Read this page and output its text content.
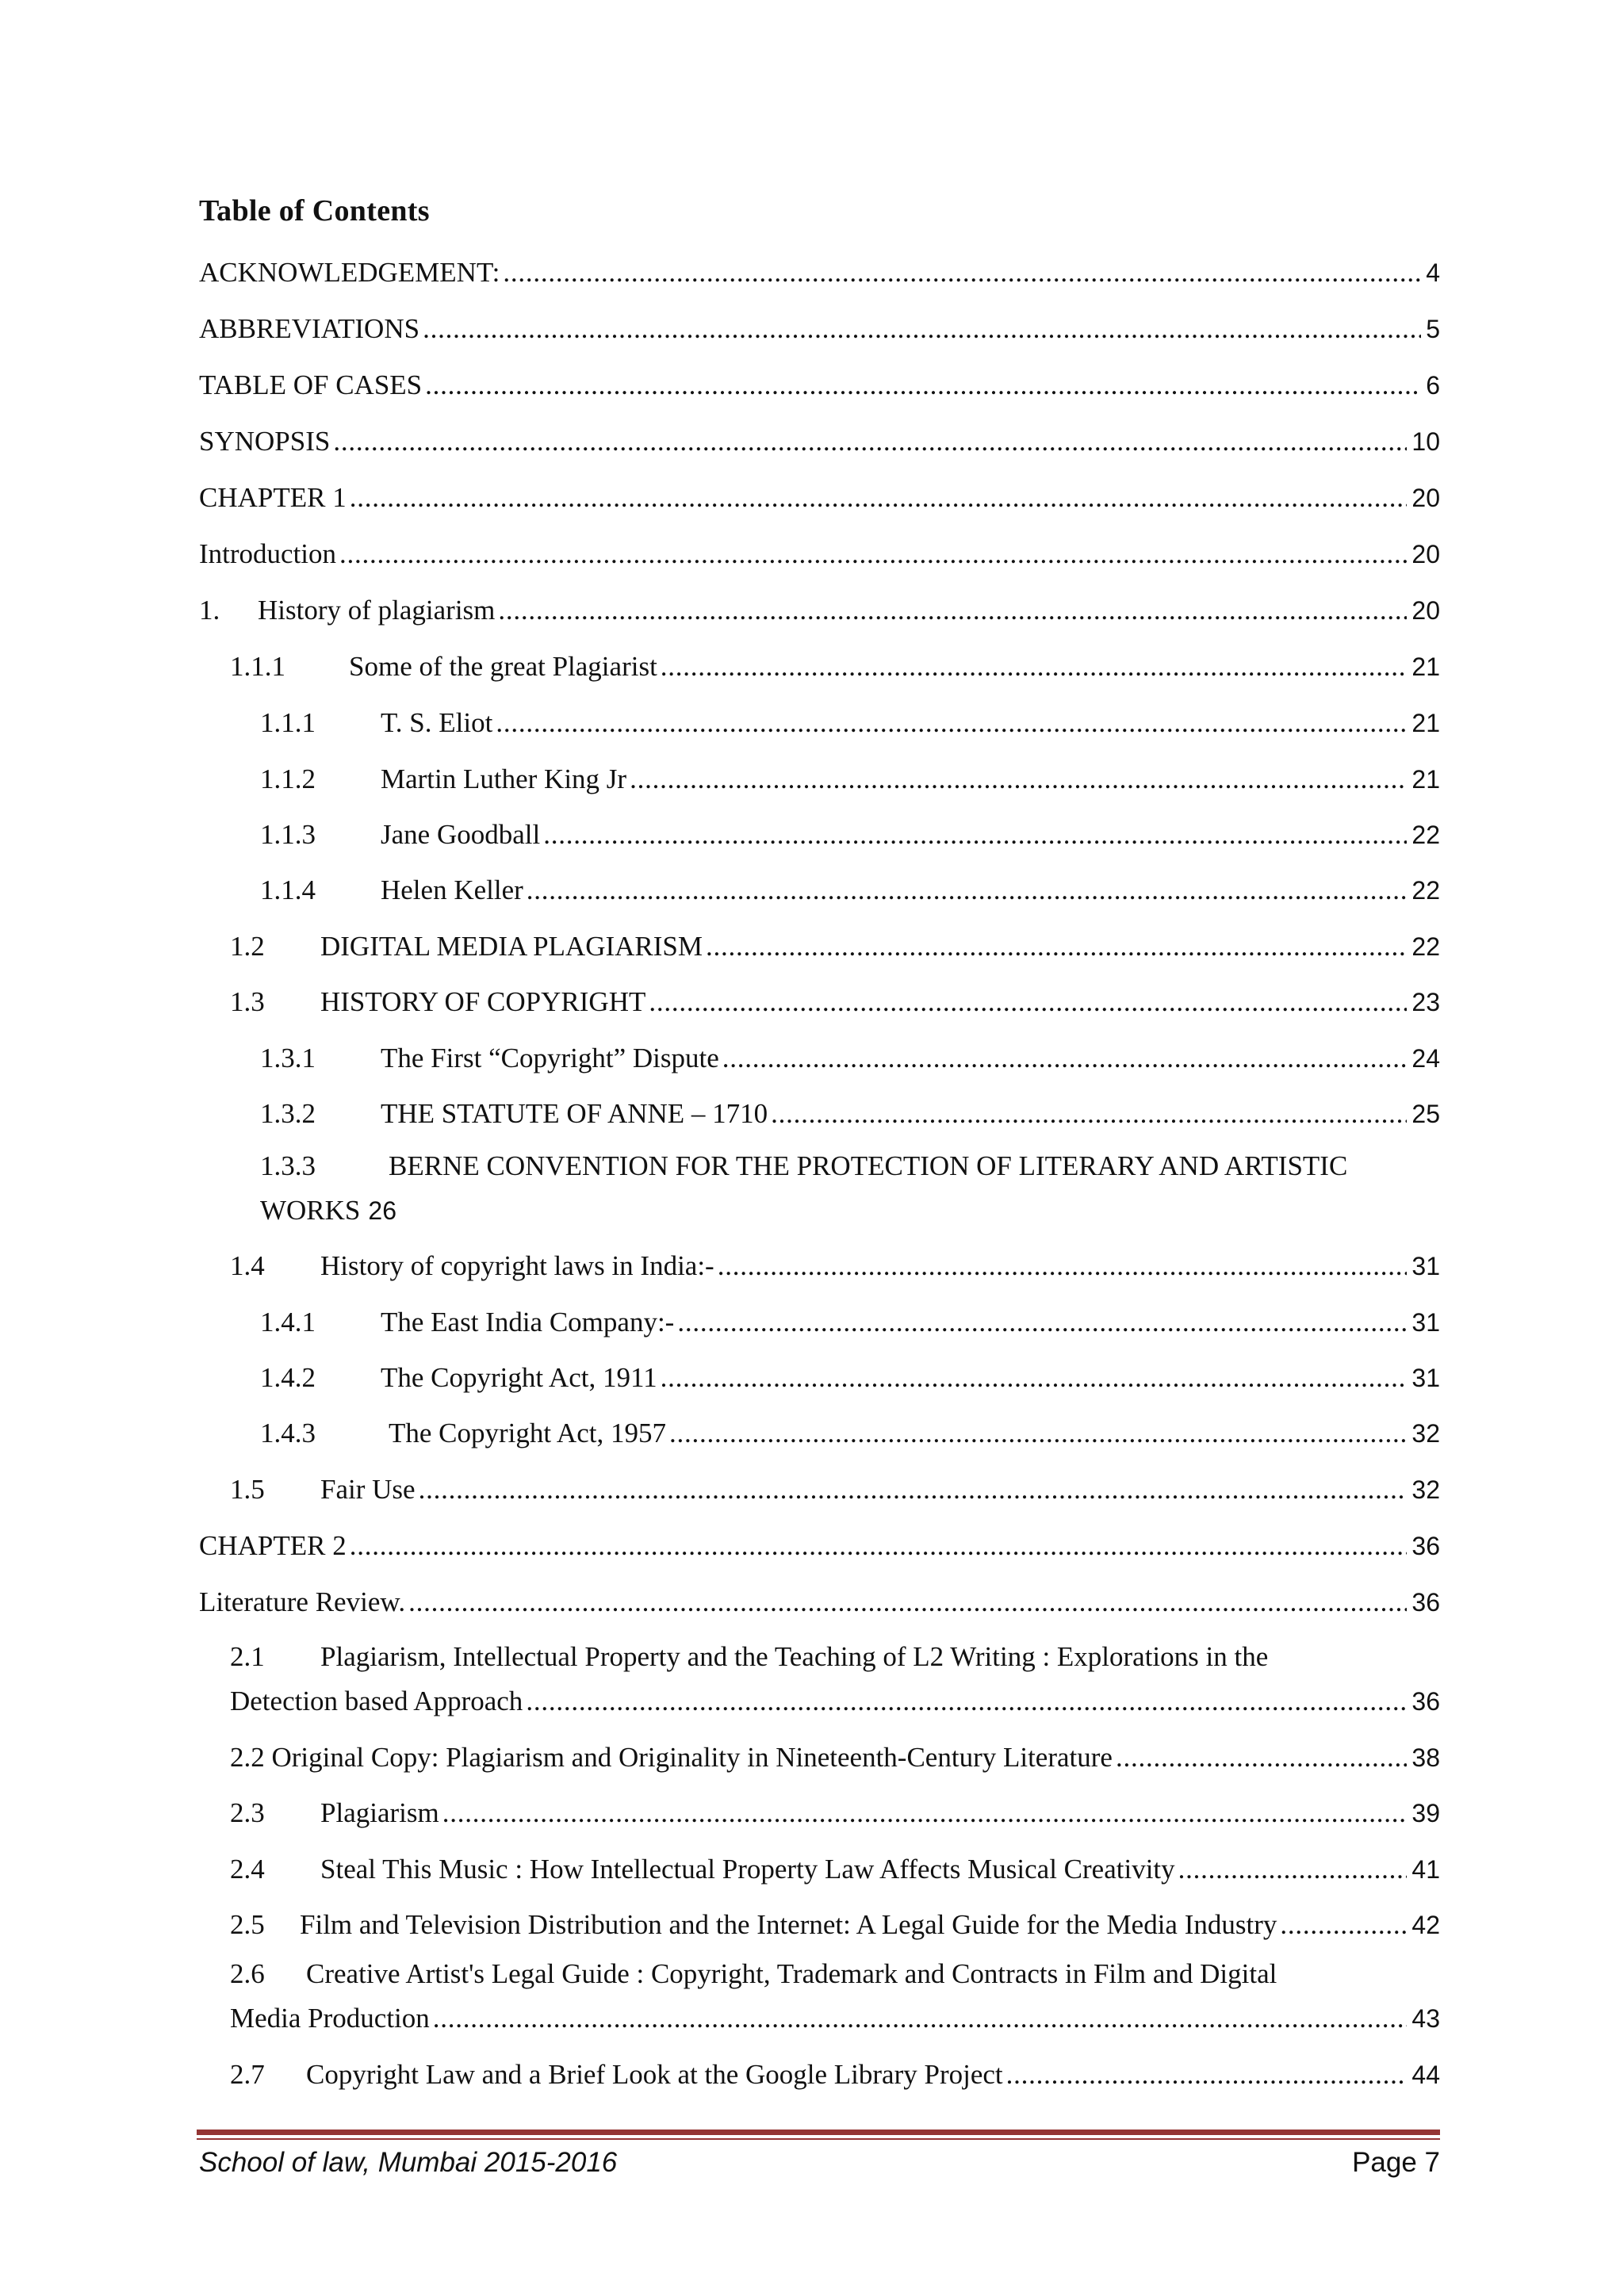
Table of Contents
ACKNOWLEDGEMENT: . . .	4
ABBREVIATIONS . . .	5
TABLE OF CASES . . .	6
SYNOPSIS . . .	10
CHAPTER 1 . . .	20
Introduction . . .	20
1.	History of plagiarism . . .	20
1.1.1	Some of the great Plagiarist . . .	21
1.1.1	T. S. Eliot . . .	21
1.1.2	Martin Luther King Jr . . .	21
1.1.3	Jane Goodball . . .	22
1.1.4	Helen Keller . . .	22
1.2	DIGITAL MEDIA PLAGIARISM . . .	22
1.3	HISTORY OF COPYRIGHT . . .	23
1.3.1	The First “Copyright” Dispute . . .	24
1.3.2	THE STATUTE OF ANNE – 1710 . . .	25
1.3.3	BERNE CONVENTION FOR THE PROTECTION OF LITERARY AND ARTISTIC
WORKS 26
1.4	History of copyright laws in India:- . . .	31
1.4.1	The East India Company:- . . .	31
1.4.2	The Copyright Act, 1911 . . .	31
1.4.3	The Copyright Act, 1957 . . .	32
1.5	Fair Use . . .	32
CHAPTER 2 . . .	36
Literature Review. . . .	36
2.1 Plagiarism, Intellectual Property and the Teaching of L2 Writing : Explorations in the
Detection based Approach . . .	36
2.2 Original Copy: Plagiarism and Originality in Nineteenth-Century Literature . . .	38
2.3	Plagiarism . . .	39
2.4	Steal This Music : How Intellectual Property Law Affects Musical Creativity . . .	41
2.5	Film and Television Distribution and the Internet: A Legal Guide for the Media Industry . . .	42
2.6 Creative Artist's Legal Guide : Copyright, Trademark and Contracts in Film and Digital
Media Production . . .	43
2.7	Copyright Law and a Brief Look at the Google Library Project . . .	44
School of law, Mumbai 2015-2016	Page 7
